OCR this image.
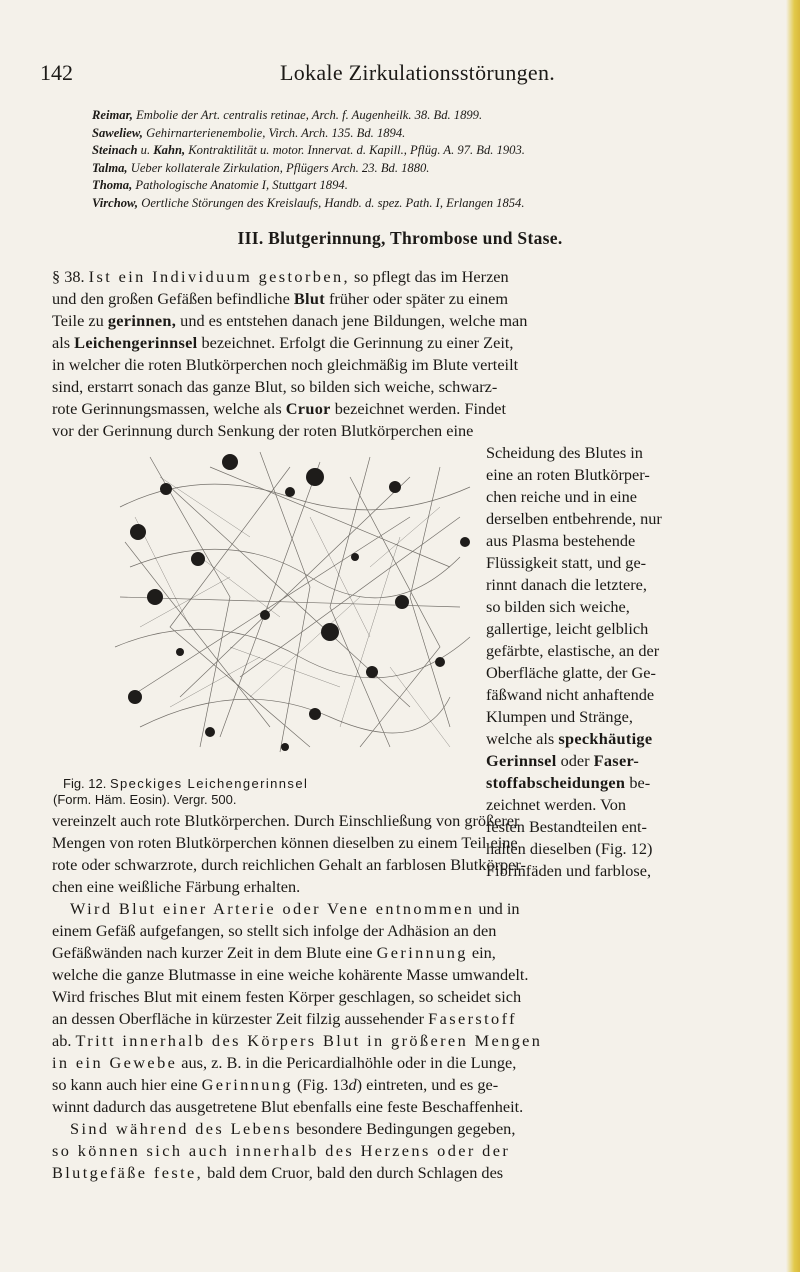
142	Lokale Zirkulationsstörungen.
Reimar, Embolie der Art. centralis retinae, Arch. f. Augenheilk. 38. Bd. 1899.
Saweliew, Gehirnarterienembolie, Virch. Arch. 135. Bd. 1894.
Steinach u. Kahn, Kontraktilität u. motor. Innervat. d. Kapill., Pflüg. A. 97. Bd. 1903.
Talma, Ueber kollaterale Zirkulation, Pflügers Arch. 23. Bd. 1880.
Thoma, Pathologische Anatomie I, Stuttgart 1894.
Virchow, Oertliche Störungen des Kreislaufs, Handb. d. spez. Path. I, Erlangen 1854.
III. Blutgerinnung, Thrombose und Stase.
§ 38. Ist ein Individuum gestorben, so pflegt das im Herzen
und den großen Gefäßen befindliche Blut früher oder später zu einem
Teile zu gerinnen, und es entstehen danach jene Bildungen, welche man
als Leichengerinnsel bezeichnet. Erfolgt die Gerinnung zu einer Zeit,
in welcher die roten Blutkörperchen noch gleichmäßig im Blute verteilt
sind, erstarrt sonach das ganze Blut, so bilden sich weiche, schwarz-
rote Gerinnungsmassen, welche als Cruor bezeichnet werden. Findet
vor der Gerinnung durch Senkung der roten Blutkörperchen eine
Scheidung des Blutes in
eine an roten Blutkörper-
chen reiche und in eine
derselben entbehrende, nur
aus Plasma bestehende
Flüssigkeit statt, und ge-
rinnt danach die letztere,
so bilden sich weiche,
gallertige, leicht gelblich
gefärbte, elastische, an der
Oberfläche glatte, der Ge-
fäßwand nicht anhaftende
Klumpen und Stränge,
welche als speckhäutige
Gerinnsel oder Faser-
stoffabscheidungen be-
zeichnet werden. Von
festen Bestandteilen ent-
halten dieselben (Fig. 12)
Fibrinfäden und farblose,
Fig. 12. Speckiges Leichengerinnsel
(Form. Häm. Eosin). Vergr. 500.
vereinzelt auch rote Blutkörperchen. Durch Einschließung von größerer
Mengen von roten Blutkörperchen können dieselben zu einem Teil eine
rote oder schwarzrote, durch reichlichen Gehalt an farblosen Blutkörper-
chen eine weißliche Färbung erhalten.
Wird Blut einer Arterie oder Vene entnommen und in
einem Gefäß aufgefangen, so stellt sich infolge der Adhäsion an den
Gefäßwänden nach kurzer Zeit in dem Blute eine Gerinnung ein,
welche die ganze Blutmasse in eine weiche kohärente Masse umwandelt.
Wird frisches Blut mit einem festen Körper geschlagen, so scheidet sich
an dessen Oberfläche in kürzester Zeit filzig aussehender Faserstoff
ab. Tritt innerhalb des Körpers Blut in größeren Mengen
in ein Gewebe aus, z. B. in die Pericardialhöhle oder in die Lunge,
so kann auch hier eine Gerinnung (Fig. 13d) eintreten, und es ge-
winnt dadurch das ausgetretene Blut ebenfalls eine feste Beschaffenheit.
Sind während des Lebens besondere Bedingungen gegeben,
so können sich auch innerhalb des Herzens oder der
Blutgefäße feste, bald dem Cruor, bald den durch Schlagen des
